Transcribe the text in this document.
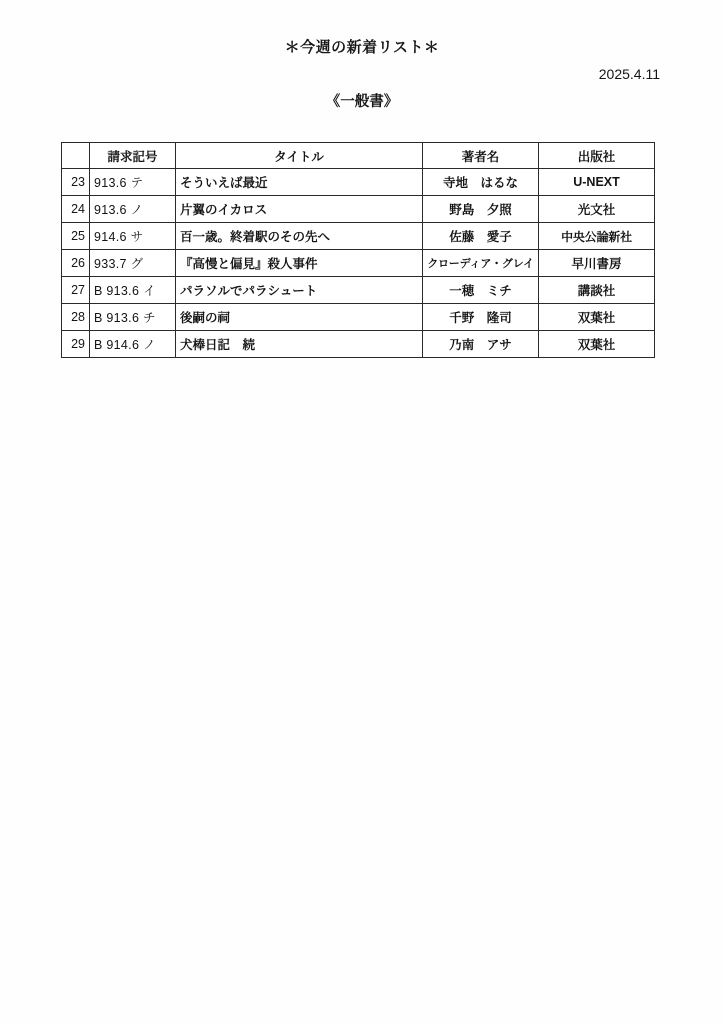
＊今週の新着リスト＊
2025.4.11
《一般書》
	請求記号	タイトル	著者名	出版社
23	913.6 テ	そういえば最近	寺地　はるな	U-NEXT
24	913.6 ノ	片翼のイカロス	野島　夕照	光文社
25	914.6 サ	百一歳。終着駅のその先へ	佐藤　愛子	中央公論新社
26	933.7 グ	『高慢と偏見』殺人事件	クローディア・グレイ	早川書房
27	B 913.6 イ	パラソルでパラシュート	一穂　ミチ	講談社
28	B 913.6 チ	後嗣の祠	千野　隆司	双葉社
29	B 914.6 ノ	犬棒日記　続	乃南　アサ	双葉社
